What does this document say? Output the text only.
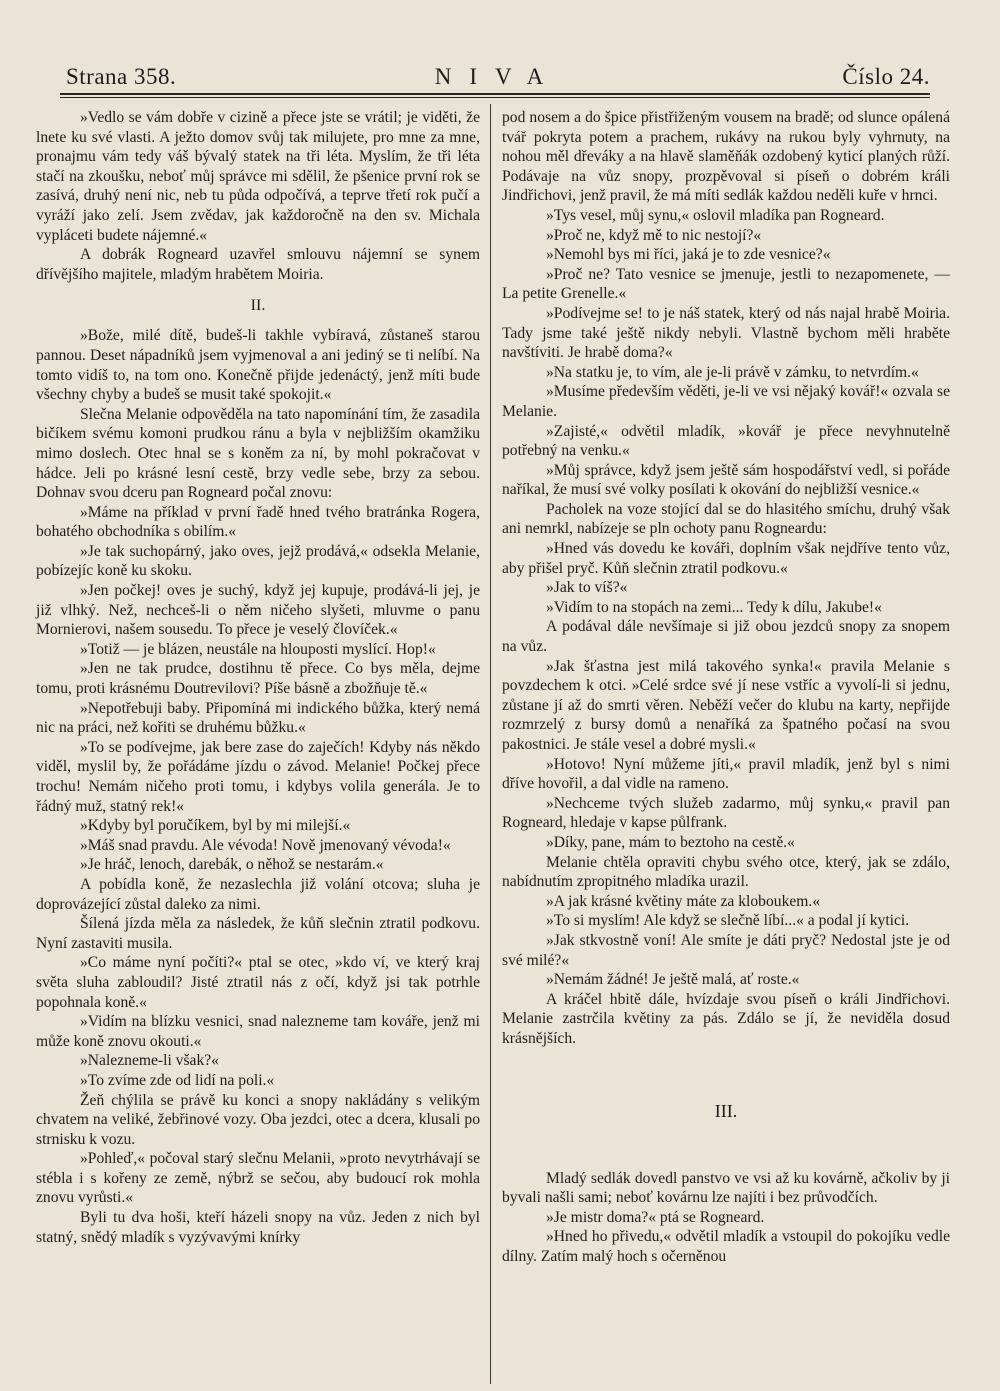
Strana 358.	NIVA	Číslo 24.

»Vedlo se vám dobře v cizině a přece jste se vrátil; je viděti, že lnete ku své vlasti. A ježto domov svůj tak milujete, pro mne za mne, pronajmu vám tedy váš bývalý statek na tři léta. Myslím, že tři léta stačí na zkoušku, neboť můj správce mi sdělil, že pšenice první rok se zasívá, druhý není nic, neb tu půda odpočívá, a teprve třetí rok pučí a vyráží jako zelí. Jsem zvědav, jak každoročně na den sv. Michala vypláceti budete nájemné.«

A dobrák Rogneard uzavřel smlouvu nájemní se synem dřívějšího majitele, mladým hrabětem Moiria.

II.

»Bože, milé dítě, budeš-li takhle vybíravá, zůstaneš starou pannou. Deset nápadníků jsem vyjmenoval a ani jediný se ti nelíbí. Na tomto vidíš to, na tom ono. Konečně přijde jedenáctý, jenž míti bude všechny chyby a budeš se musit také spokojit.«

Slečna Melanie odpověděla na tato napomínání tím, že zasadila bičíkem svému komoni prudkou ránu a byla v nejbližším okamžiku mimo doslech. Otec hnal se s koněm za ní, by mohl pokračovat v hádce. Jeli po krásné lesní cestě, brzy vedle sebe, brzy za sebou. Dohnav svou dceru pan Rogneard počal znovu:

»Máme na příklad v první řadě hned tvého bratránka Rogera, bohatého obchodníka s obilím.«

»Je tak suchopárný, jako oves, jejž prodává,« odsekla Melanie, pobízejíc koně ku skoku.

»Jen počkej! oves je suchý, když jej kupuje, prodává-li jej, je již vlhký. Než, nechceš-li o něm ničeho slyšeti, mluvme o panu Mornierovi, našem sousedu. To přece je veselý človíček.«

»Totiž — je blázen, neustále na hlouposti myslící. Hop!«

»Jen ne tak prudce, dostihnu tě přece. Co bys měla, dejme tomu, proti krásnému Doutrevilovi? Píše básně a zbožňuje tě.«

»Nepotřebuji baby. Připomíná mi indického bůžka, který nemá nic na práci, než kořiti se druhému bůžku.«

»To se podívejme, jak bere zase do zaječích! Kdyby nás někdo viděl, myslil by, že pořádáme jízdu o závod. Melanie! Počkej přece trochu! Nemám ničeho proti tomu, i kdybys volila generála. Je to řádný muž, statný rek!«

»Kdyby byl poručíkem, byl by mi milejší.«

»Máš snad pravdu. Ale vévoda! Nově jmenovaný vévoda!«

»Je hráč, lenoch, darebák, o něhož se nestarám.«

A pobídla koně, že nezaslechla již volání otcova; sluha je doprovázející zůstal daleko za nimi.

Šílená jízda měla za následek, že kůň slečnin ztratil podkovu. Nyní zastaviti musila.

»Co máme nyní počíti?« ptal se otec, »kdo ví, ve který kraj světa sluha zabloudil? Jisté ztratil nás z očí, když jsi tak potrhle popohnala koně.«

»Vidím na blízku vesnici, snad nalezneme tam kováře, jenž mi může koně znovu okouti.«

»Nalezneme-li však?«

»To zvíme zde od lidí na poli.«

Žeň chýlila se právě ku konci a snopy nakládány s velikým chvatem na veliké, žebřinové vozy. Oba jezdci, otec a dcera, klusali po strnisku k vozu.

»Pohleď,« počoval starý slečnu Melanii, »proto nevytrhávají se stébla i s kořeny ze země, nýbrž se sečou, aby budoucí rok mohla znovu vyrůsti.«

Byli tu dva hoši, kteří házeli snopy na vůz. Jeden z nich byl statný, snědý mladík s vyzývavými knírky

pod nosem a do špice přistřiženým vousem na bradě; od slunce opálená tvář pokryta potem a prachem, rukávy na rukou byly vyhrnuty, na nohou měl dřeváky a na hlavě slaměňák ozdobený kyticí planých růží. Podávaje na vůz snopy, prozpěvoval si píseň o dobrém králi Jindřichovi, jenž pravil, že má míti sedlák každou neděli kuře v hrnci.

»Tys vesel, můj synu,« oslovil mladíka pan Rogneard.

»Proč ne, když mě to nic nestojí?«

»Nemohl bys mi říci, jaká je to zde vesnice?«

»Proč ne? Tato vesnice se jmenuje, jestli to nezapomenete, — La petite Grenelle.«

»Podívejme se! to je náš statek, který od nás najal hrabě Moiria. Tady jsme také ještě nikdy nebyli. Vlastně bychom měli hraběte navštíviti. Je hrabě doma?«

»Na statku je, to vím, ale je-li právě v zámku, to netvrdím.«

»Musíme především věděti, je-li ve vsi nějaký kovář!« ozvala se Melanie.

»Zajisté,« odvětil mladík, »kovář je přece nevyhnutelně potřebný na venku.«

»Můj správce, když jsem ještě sám hospodářství vedl, si pořáde naříkal, že musí své volky posílati k okování do nejbližší vesnice.«

Pacholek na voze stojící dal se do hlasitého smíchu, druhý však ani nemrkl, nabízeje se pln ochoty panu Rogneardu:

»Hned vás dovedu ke kováři, doplním však nejdříve tento vůz, aby přišel pryč. Kůň slečnin ztratil podkovu.«

»Jak to víš?«

»Vidím to na stopách na zemi... Tedy k dílu, Jakube!«

A podával dále nevšímaje si již obou jezdců snopy za snopem na vůz.

»Jak šťastna jest milá takového synka!« pravila Melanie s povzdechem k otci. »Celé srdce své jí nese vstříc a vyvolí-li si jednu, zůstane jí až do smrti věren. Neběží večer do klubu na karty, nepřijde rozmrzelý z bursy domů a nenaříká za špatného počasí na svou pakostnici. Je stále vesel a dobré mysli.«

»Hotovo! Nyní můžeme jíti,« pravil mladík, jenž byl s nimi dříve hovořil, a dal vidle na rameno.

»Nechceme tvých služeb zadarmo, můj synku,« pravil pan Rogneard, hledaje v kapse půlfrank.

»Díky, pane, mám to beztoho na cestě.«

Melanie chtěla opraviti chybu svého otce, který, jak se zdálo, nabídnutím zpropitného mladíka urazil.

»A jak krásné květiny máte za kloboukem.«

»To si myslím! Ale když se slečně líbí...« a podal jí kytici.

»Jak stkvostně voní! Ale smíte je dáti pryč? Nedostal jste je od své milé?«

»Nemám žádné! Je ještě malá, ať roste.«

A kráčel hbitě dále, hvízdaje svou píseň o králi Jindřichovi. Melanie zastrčila květiny za pás. Zdálo se jí, že neviděla dosud krásnějších.

III.

Mladý sedlák dovedl panstvo ve vsi až ku kovárně, ačkoliv by ji byvali našli sami; neboť kovárnu lze najíti i bez průvodčích.

»Je mistr doma?« ptá se Rogneard.

»Hned ho přivedu,« odvětil mladík a vstoupil do pokojíku vedle dílny. Zatím malý hoch s očerněnou
